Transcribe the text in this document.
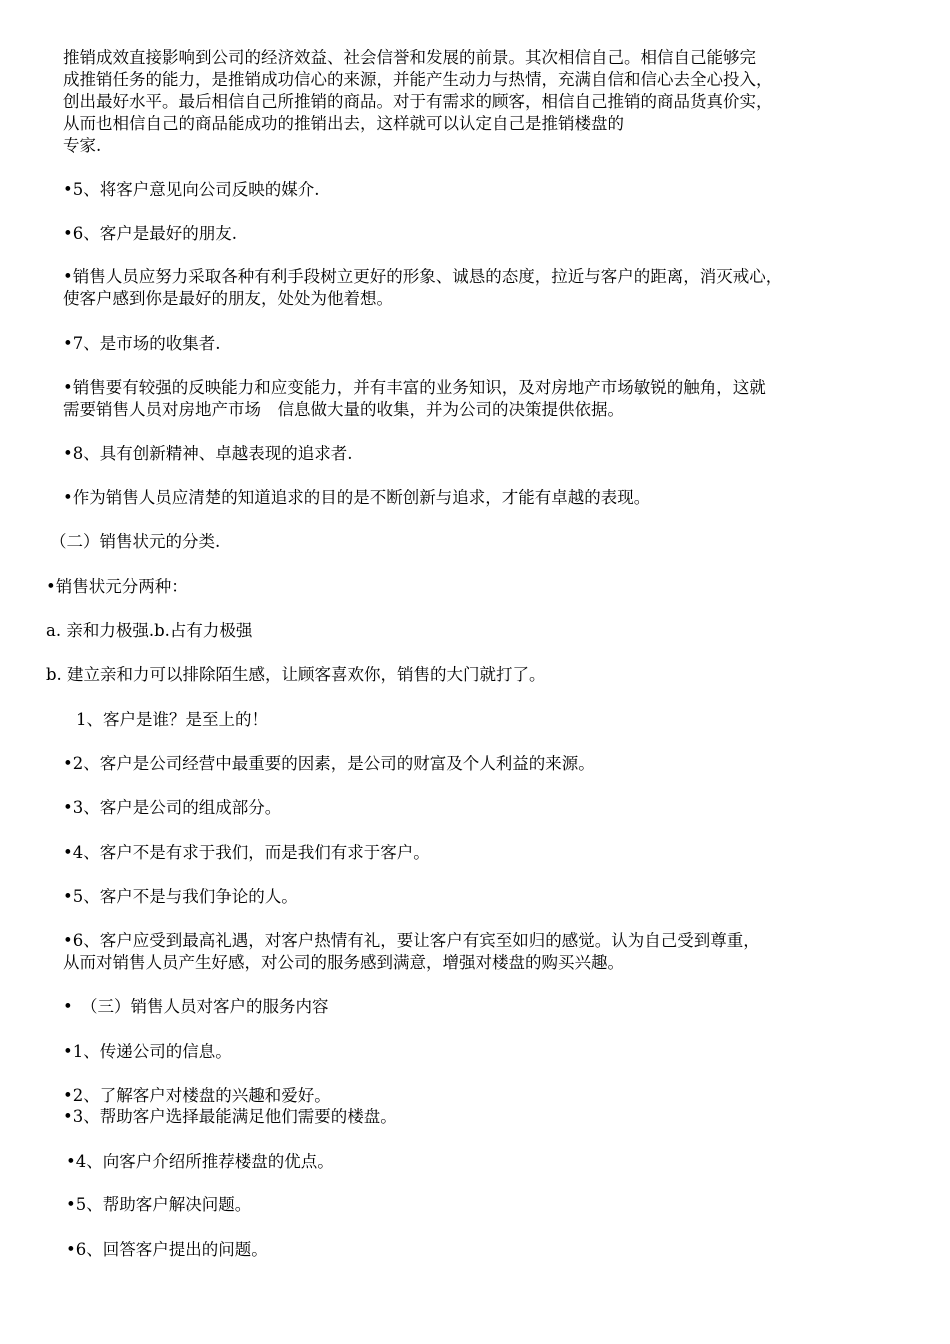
推销成效直接影响到公司的经济效益、社会信誉和发展的前景。其次相信自己。相信自己能够完
成推销任务的能力，是推销成功信心的来源，并能产生动力与热情，充满自信和信心去全心投入，
创出最好水平。最后相信自己所推销的商品。对于有需求的顾客，相信自己推销的商品货真价实，
从而也相信自己的商品能成功的推销出去，这样就可以认定自己是推销楼盘的
专家.
•5、将客户意见向公司反映的媒介.
•6、客户是最好的朋友.
•销售人员应努力采取各种有利手段树立更好的形象、诚恳的态度，拉近与客户的距离，消灭戒心，
使客户感到你是最好的朋友，处处为他着想。
•7、是市场的收集者.
•销售要有较强的反映能力和应变能力，并有丰富的业务知识，及对房地产市场敏锐的触角，这就
需要销售人员对房地产市场　信息做大量的收集，并为公司的决策提供依据。
•8、具有创新精神、卓越表现的追求者.
•作为销售人员应清楚的知道追求的目的是不断创新与追求，才能有卓越的表现。
（二）销售状元的分类.
•销售状元分两种：
a. 亲和力极强.b.占有力极强
b. 建立亲和力可以排除陌生感，让顾客喜欢你，销售的大门就打了。
1、客户是谁？是至上的！
•2、客户是公司经营中最重要的因素，是公司的财富及个人利益的来源。
•3、客户是公司的组成部分。
•4、客户不是有求于我们，而是我们有求于客户。
•5、客户不是与我们争论的人。
•6、客户应受到最高礼遇，对客户热情有礼，要让客户有宾至如归的感觉。认为自己受到尊重，
从而对销售人员产生好感，对公司的服务感到满意，增强对楼盘的购买兴趣。
•　（三）销售人员对客户的服务内容
•1、传递公司的信息。
•2、了解客户对楼盘的兴趣和爱好。
•3、帮助客户选择最能满足他们需要的楼盘。
•4、向客户介绍所推荐楼盘的优点。
•5、帮助客户解决问题。
•6、回答客户提出的问题。
